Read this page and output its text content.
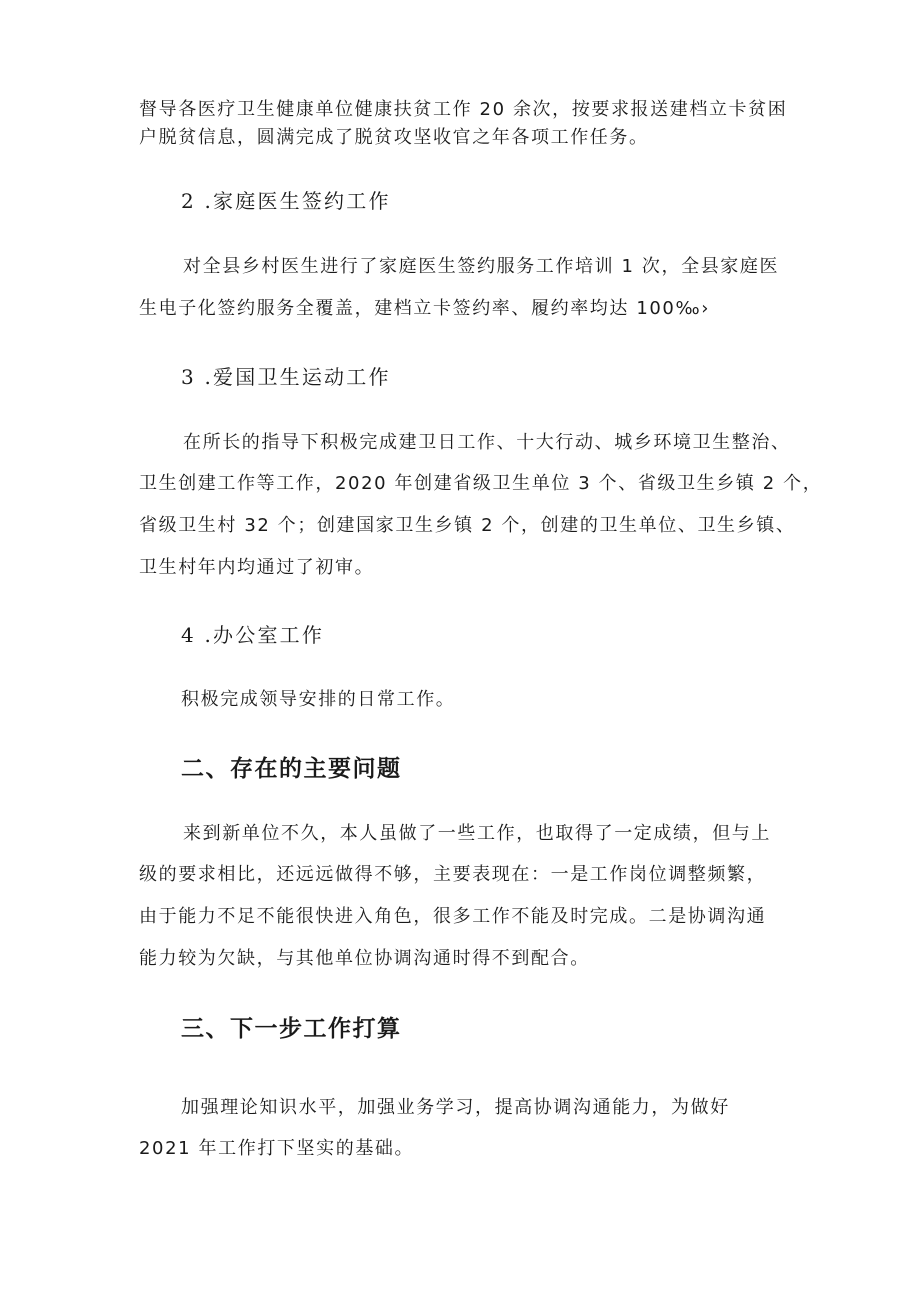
督导各医疗卫生健康单位健康扶贫工作 20 余次，按要求报送建档立卡贫困
户脱贫信息，圆满完成了脱贫攻坚收官之年各项工作任务。
2 .家庭医生签约工作
对全县乡村医生进行了家庭医生签约服务工作培训 1 次，全县家庭医
生电子化签约服务全覆盖，建档立卡签约率、履约率均达 100‰›
3 .爱国卫生运动工作
在所长的指导下积极完成建卫日工作、十大行动、城乡环境卫生整治、
卫生创建工作等工作，2020 年创建省级卫生单位 3 个、省级卫生乡镇 2 个，
省级卫生村 32 个；创建国家卫生乡镇 2 个，创建的卫生单位、卫生乡镇、
卫生村年内均通过了初审。
4 .办公室工作
积极完成领导安排的日常工作。
二、存在的主要问题
来到新单位不久，本人虽做了一些工作，也取得了一定成绩，但与上
级的要求相比，还远远做得不够，主要表现在：一是工作岗位调整频繁，
由于能力不足不能很快进入角色，很多工作不能及时完成。二是协调沟通
能力较为欠缺，与其他单位协调沟通时得不到配合。
三、下一步工作打算
加强理论知识水平，加强业务学习，提高协调沟通能力，为做好
2021 年工作打下坚实的基础。
